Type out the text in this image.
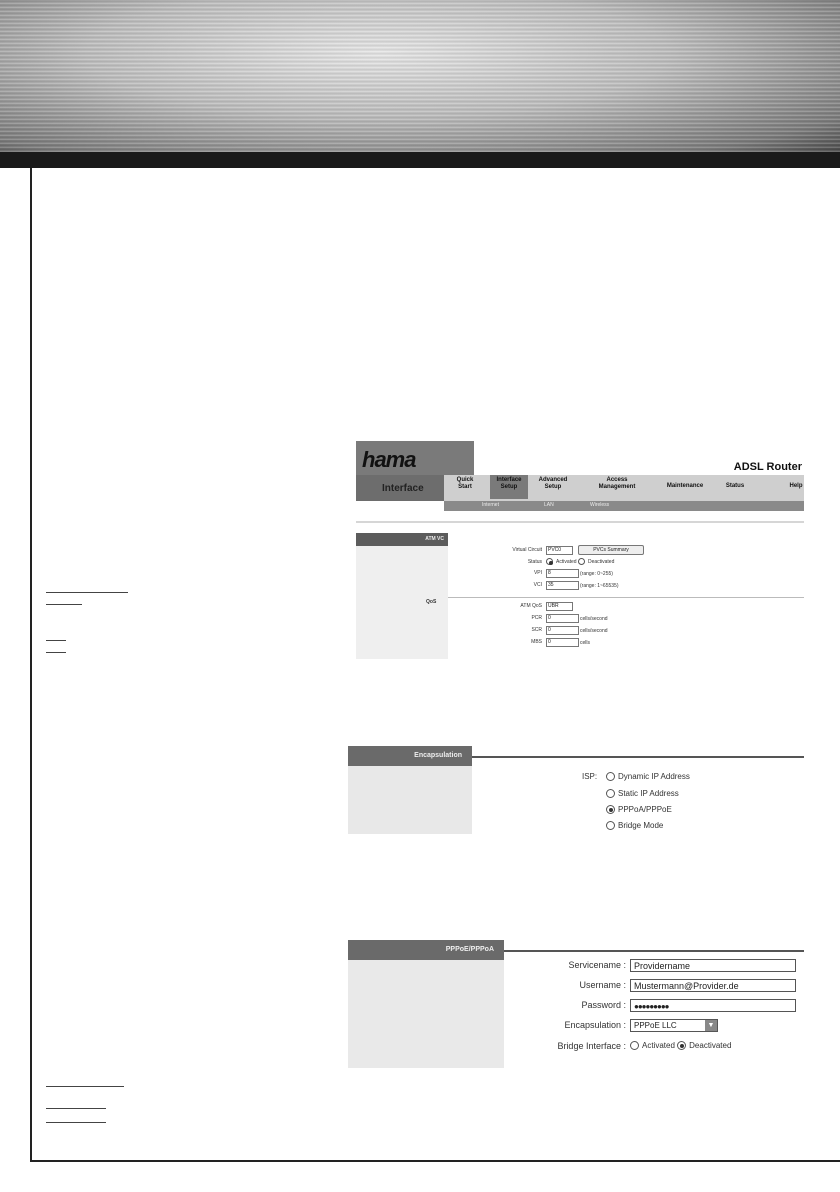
hama	ADSL Router
Interface
Quick Start
Interface Setup
Advanced Setup
Access Management	Maintenance	Status	Help
Internet	LAN	Wireless
ATM VC
QoS
Virtual Circuit	PVC0	PVCs Summary
Status	Activated Deactivated
VPI	8	(range: 0~255)
VCI	35	(range: 1~65535)
ATM QoS	UBR
PCR	0	cells/second
SCR	0	cells/second
MBS	0	cells
Encapsulation
ISP:	Dynamic IP Address
Static IP Address
PPPoA/PPPoE
Bridge Mode
PPPoE/PPPoA
Servicename : Providername
Username : Mustermann@Provider.de
Password :	●●●●●●●●●
Encapsulation :	PPPoE LLC	▼
Bridge Interface :	Activated Deactivated
